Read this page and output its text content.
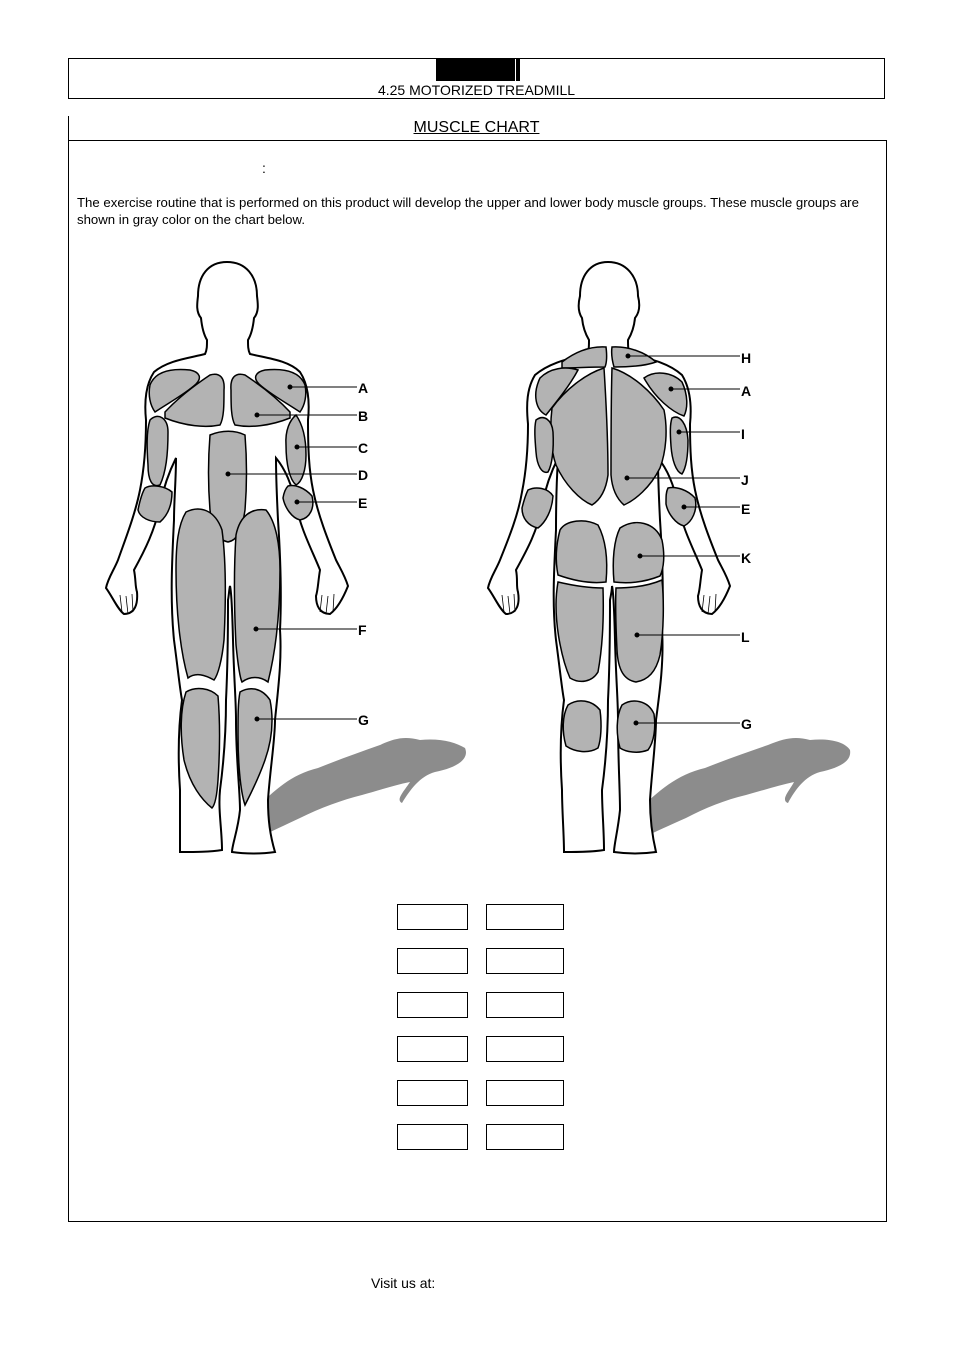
4.25 MOTORIZED TREADMILL
MUSCLE CHART
:
The exercise routine that is performed on this product will develop the upper and lower body muscle groups. These muscle groups are shown in gray color on the chart below.
A
B
C
D
E
F
G
H
A
I
J
E
K
L
G
Visit us at:
